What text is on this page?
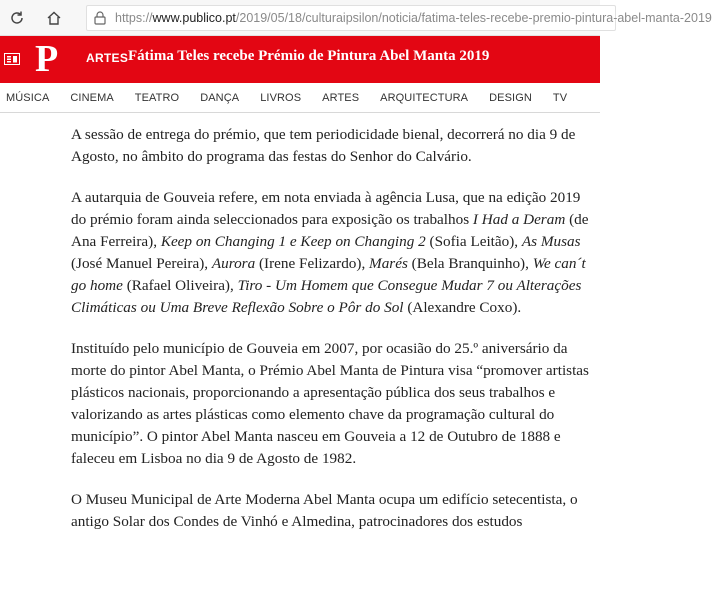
https://www.publico.pt/2019/05/18/culturaipsilon/noticia/fatima-teles-recebe-premio-pintura-abel-manta-2019
P ARTES Fátima Teles recebe Prémio de Pintura Abel Manta 2019
MÚSICA CINEMA TEATRO DANÇA LIVROS ARTES ARQUITECTURA DESIGN TV

A sessão de entrega do prémio, que tem periodicidade bienal, decorrerá no dia 9 de Agosto, no âmbito do programa das festas do Senhor do Calvário.

A autarquia de Gouveia refere, em nota enviada à agência Lusa, que na edição 2019 do prémio foram ainda seleccionados para exposição os trabalhos I Had a Deram (de Ana Ferreira), Keep on Changing 1 e Keep on Changing 2 (Sofia Leitão), As Musas (José Manuel Pereira), Aurora (Irene Felizardo), Marés (Bela Branquinho), We can´t go home (Rafael Oliveira), Tiro - Um Homem que Consegue Mudar 7 ou Alterações Climáticas ou Uma Breve Reflexão Sobre o Pôr do Sol (Alexandre Coxo).

Instituído pelo município de Gouveia em 2007, por ocasião do 25.º aniversário da morte do pintor Abel Manta, o Prémio Abel Manta de Pintura visa “promover artistas plásticos nacionais, proporcionando a apresentação pública dos seus trabalhos e valorizando as artes plásticas como elemento chave da programação cultural do município”. O pintor Abel Manta nasceu em Gouveia a 12 de Outubro de 1888 e faleceu em Lisboa no dia 9 de Agosto de 1982.

O Museu Municipal de Arte Moderna Abel Manta ocupa um edifício setecentista, o antigo Solar dos Condes de Vinhó e Almedina, patrocinadores dos estudos
